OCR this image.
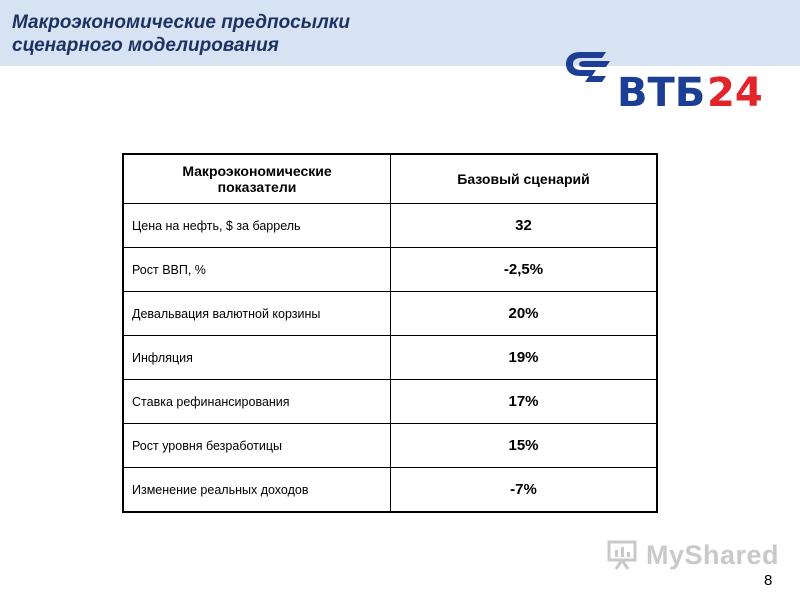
Макроэкономические предпосылки
сценарного моделирования
ВТБ 24
Макроэкономические
показатели	Базовый сценарий
Цена на нефть, $ за баррель	32
Рост ВВП, %	-2,5%
Девальвация валютной корзины	20%
Инфляция	19%
Ставка рефинансирования	17%
Рост уровня безработицы	15%
Изменение реальных доходов	-7%
MyShared
8
